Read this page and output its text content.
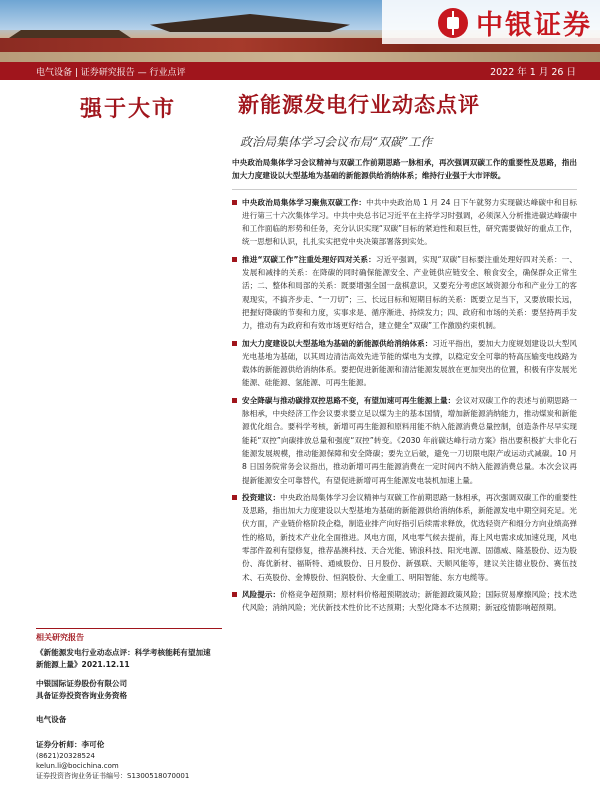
中银证券
电气设备 | 证券研究报告 — 行业点评	2022 年 1 月 26 日
强于大市	新能源发电行业动态点评
政治局集体学习会议布局“双碳”工作
相关研究报告
《新能源发电行业动态点评：科学考核能耗有望加速新能源上量》2021.12.11
中银国际证券股份有限公司
具备证券投资咨询业务资格
电气设备
证券分析师：李可伦
(8621)20328524
kelun.li@bocichina.com
证券投资咨询业务证书编号：S1300518070001
中央政治局集体学习会议精神与双碳工作前期思路一脉相承，再次强调双碳工作的重要性及思路，指出加大力度建设以大型基地为基础的新能源供给消纳体系；维持行业强于大市评级。
中央政治局集体学习聚焦双碳工作：中共中央政治局 1 月 24 日下午就努力实现碳达峰碳中和目标进行第三十六次集体学习。中共中央总书记习近平在主持学习时强调，必须深入分析推进碳达峰碳中和工作面临的形势和任务，充分认识实现“双碳”目标的紧迫性和艰巨性，研究需要做好的重点工作，统一思想和认识，扎扎实实把党中央决策部署落到实处。
推进“双碳工作”注重处理好四对关系：习近平强调，实现“双碳”目标要注重处理好四对关系：一、发展和减排的关系：在降碳的同时确保能源安全、产业链供应链安全、粮食安全，确保群众正常生活；二、整体和局部的关系：既要增强全国一盘棋意识，又要充分考虑区域资源分布和产业分工的客观现实，不搞齐步走、“一刀切”；三、长远目标和短期目标的关系：既要立足当下，又要放眼长远，把握好降碳的节奏和力度，实事求是、循序渐进、持续发力；四、政府和市场的关系：要坚持两手发力，推动有为政府和有效市场更好结合，建立健全“双碳”工作激励约束机制。
加大力度建设以大型基地为基础的新能源供给消纳体系：习近平指出，要加大力度规划建设以大型风光电基地为基础，以其周边清洁高效先进节能的煤电为支撑，以稳定安全可靠的特高压输变电线路为载体的新能源供给消纳体系。要把促进新能源和清洁能源发展放在更加突出的位置，积极有序发展光能源、硅能源、氢能源、可再生能源。
安全降碳与推动碳排双控思路不变，有望加速可再生能源上量：会议对双碳工作的表述与前期思路一脉相承，中央经济工作会议要求要立足以煤为主的基本国情，增加新能源消纳能力，推动煤炭和新能源优化组合。要科学考核，新增可再生能源和原料用能不纳入能源消费总量控制，创造条件尽早实现能耗“双控”向碳排放总量和强度“双控”转变。《2030 年前碳达峰行动方案》指出要积极扩大非化石能源发展规模，推动能源保障和安全降碳；要先立后破，避免一刀切限电限产或运动式减碳。10 月 8 日国务院常务会议指出，推动新增可再生能源消费在一定时间内不纳入能源消费总量。本次会议再提新能源安全可靠替代，有望促进新增可再生能源发电装机加速上量。
投资建议：中央政治局集体学习会议精神与双碳工作前期思路一脉相承，再次强调双碳工作的重要性及思路，指出加大力度建设以大型基地为基础的新能源供给消纳体系，新能源发电中期空间充足。光伏方面，产业链价格阶段企稳，制造业排产向好指引后续需求释放，优选轻资产和细分方向业绩高弹性的格局，新技术产业化全面推进。风电方面，风电零气候去提前，海上风电需求成加速兑现，风电零部件盈利有望修复，推荐晶澳科技、天合光能、锦浪科技、阳光电源、固德威、隆基股份、迈为股份、海优新材、福斯特、通威股份、日月股份、新强联、天顺风能等，建议关注德业股份、赛伍技术、石英股份、金博股份、恒润股份、大金重工、明阳智能、东方电缆等。
风险提示：价格竞争超预期；原材料价格超预期波动；新能源政策风险；国际贸易摩擦风险；技术迭代风险；消纳风险；光伏新技术性价比不达预期；大型化降本不达预期；新冠疫情影响超预期。
